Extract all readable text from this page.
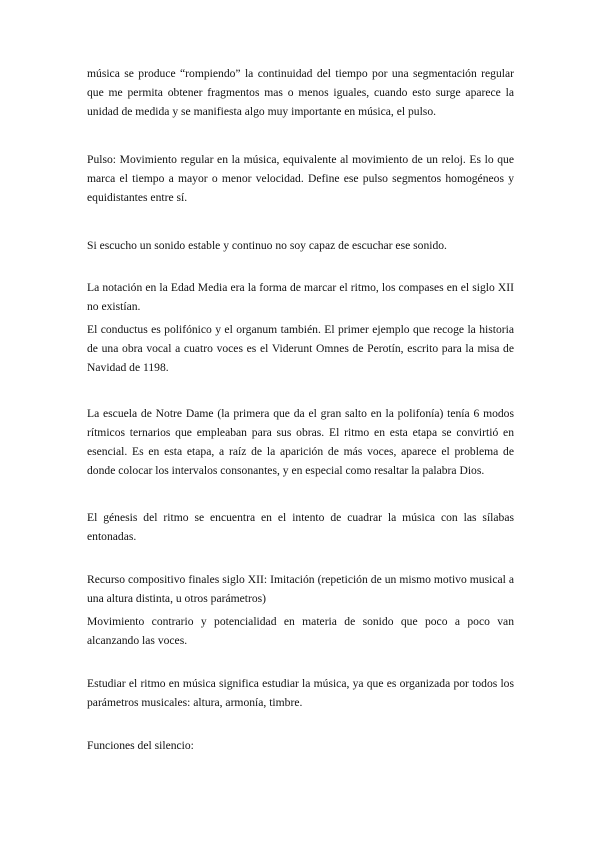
música se produce “rompiendo” la continuidad del tiempo por una segmentación regular que me permita obtener fragmentos mas o menos iguales, cuando esto surge aparece la unidad de medida y se manifiesta algo muy importante en música, el pulso.

Pulso: Movimiento regular en la música, equivalente al movimiento de un reloj. Es lo que marca el tiempo a mayor o menor velocidad. Define ese pulso segmentos homogéneos y equidistantes entre sí.

Si escucho un sonido estable y continuo no soy capaz de escuchar ese sonido.

La notación en la Edad Media era la forma de marcar el ritmo, los compases en el siglo XII no existían.

El conductus es polifónico y el organum también. El primer ejemplo que recoge la historia de una obra vocal a cuatro voces es el Viderunt Omnes de Perotín, escrito para la misa de Navidad de 1198.

La escuela de Notre Dame (la primera que da el gran salto en la polifonía) tenía 6 modos rítmicos ternarios que empleaban para sus obras. El ritmo en esta etapa se convirtió en esencial. Es en esta etapa, a raíz de la aparición de más voces, aparece el problema de donde colocar los intervalos consonantes, y en especial como resaltar la palabra Dios.

El génesis del ritmo se encuentra en el intento de cuadrar la música con las sílabas entonadas.

Recurso compositivo finales siglo XII: Imitación (repetición de un mismo motivo musical a una altura distinta, u otros parámetros)

Movimiento contrario y potencialidad en materia de sonido que poco a poco van alcanzando las voces.

Estudiar el ritmo en música significa estudiar la música, ya que es organizada por todos los parámetros musicales: altura, armonía, timbre.

Funciones del silencio:
